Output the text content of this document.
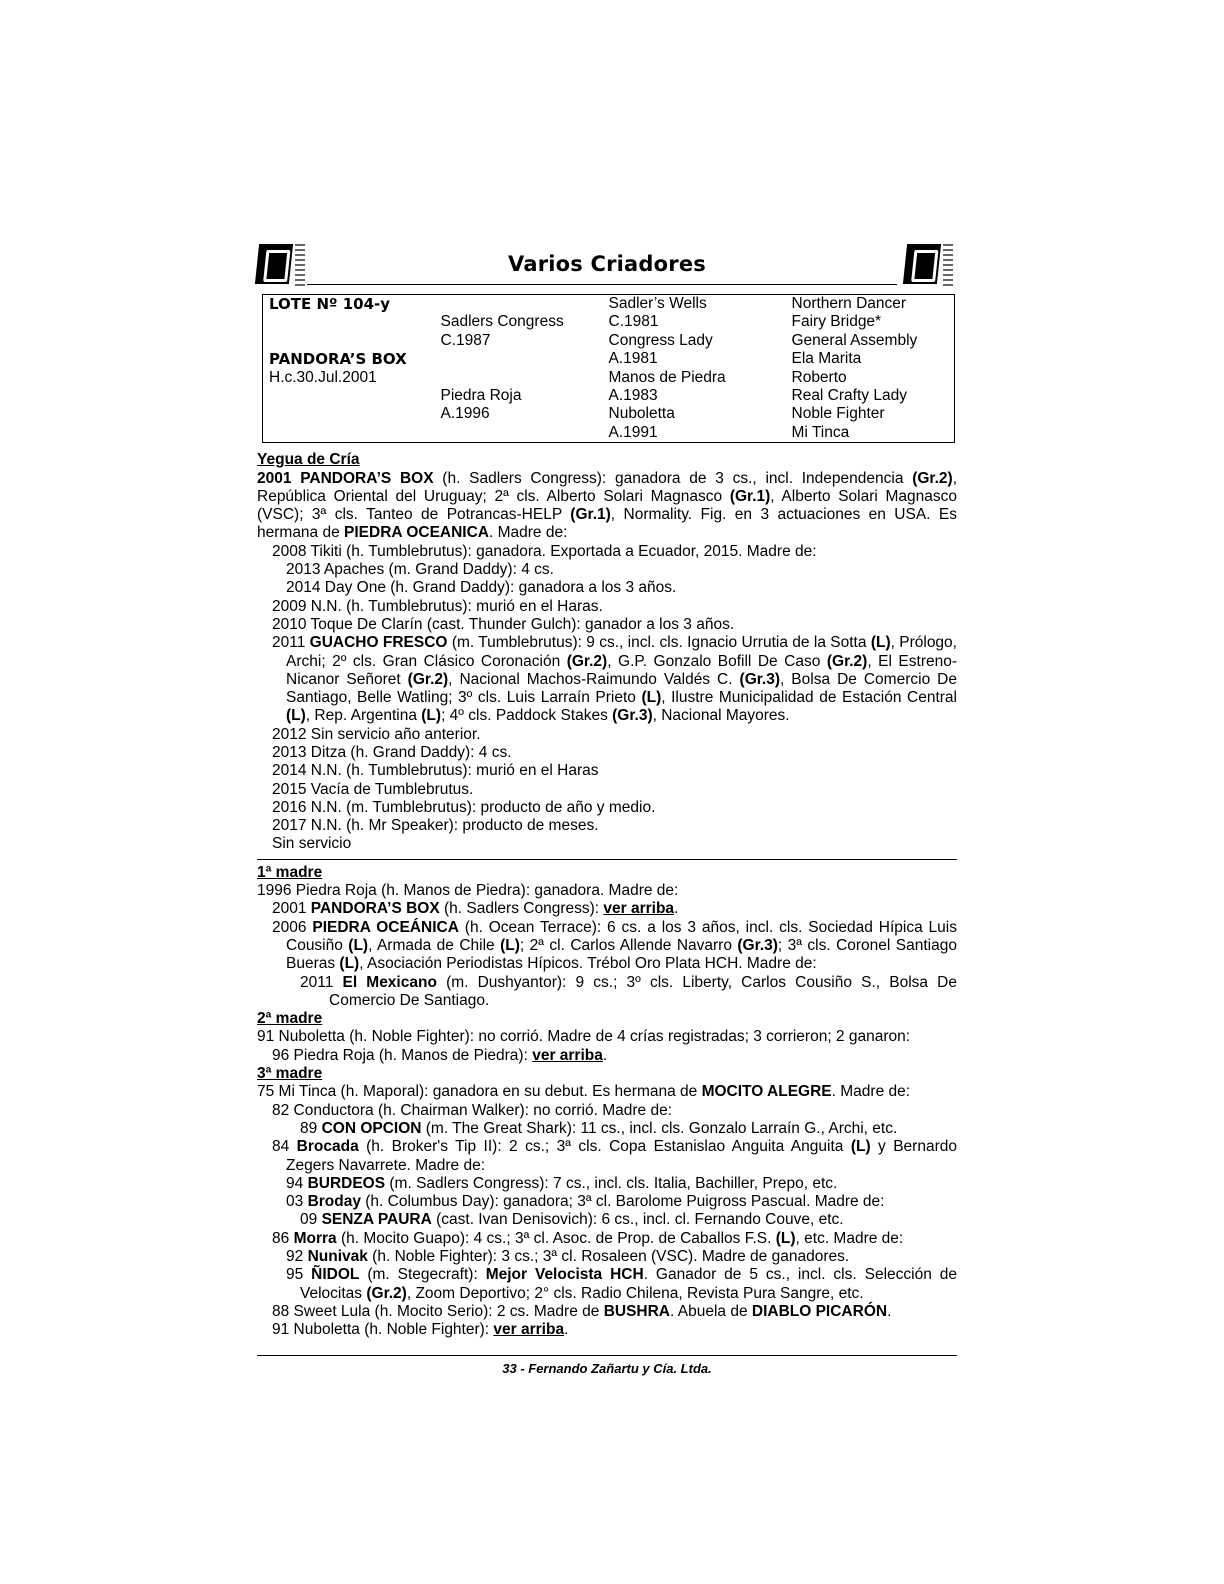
Varios Criadores
LOTE Nº 104-y		Sadler’s Wells	Northern Dancer
	Sadlers Congress	C.1981	Fairy Bridge*
	C.1987	Congress Lady	General Assembly
PANDORA’S BOX		A.1981	Ela Marita
H.c.30.Jul.2001		Manos de Piedra	Roberto
	Piedra Roja	A.1983	Real Crafty Lady
	A.1996	Nuboletta	Noble Fighter
		A.1991	Mi Tinca
Yegua de Cría

2001 PANDORA’S BOX (h. Sadlers Congress): ganadora de 3 cs., incl. Independencia (Gr.2), República Oriental del Uruguay; 2ª cls. Alberto Solari Magnasco (Gr.1), Alberto Solari Magnasco (VSC); 3ª cls. Tanteo de Potrancas-HELP (Gr.1), Normality. Fig. en 3 actuaciones en USA. Es hermana de PIEDRA OCEANICA. Madre de:

2008 Tikiti (h. Tumblebrutus): ganadora. Exportada a Ecuador, 2015. Madre de:

2013 Apaches (m. Grand Daddy): 4 cs.

2014 Day One (h. Grand Daddy): ganadora a los 3 años.

2009 N.N. (h. Tumblebrutus): murió en el Haras.

2010 Toque De Clarín (cast. Thunder Gulch): ganador a los 3 años.

2011 GUACHO FRESCO (m. Tumblebrutus): 9 cs., incl. cls. Ignacio Urrutia de la Sotta (L), Prólogo, Archi; 2º cls. Gran Clásico Coronación (Gr.2), G.P. Gonzalo Bofill De Caso (Gr.2), El Estreno-Nicanor Señoret (Gr.2), Nacional Machos-Raimundo Valdés C. (Gr.3), Bolsa De Comercio De Santiago, Belle Watling; 3º cls. Luis Larraín Prieto (L), Ilustre Municipalidad de Estación Central (L), Rep. Argentina (L); 4º cls. Paddock Stakes (Gr.3), Nacional Mayores.

2012 Sin servicio año anterior.

2013 Ditza (h. Grand Daddy): 4 cs.

2014 N.N. (h. Tumblebrutus): murió en el Haras

2015 Vacía de Tumblebrutus.

2016 N.N. (m. Tumblebrutus): producto de año y medio.

2017 N.N. (h. Mr Speaker): producto de meses.

Sin servicio

1ª madre

1996 Piedra Roja (h. Manos de Piedra): ganadora. Madre de:

2001 PANDORA’S BOX (h. Sadlers Congress): ver arriba.

2006 PIEDRA OCEÁNICA (h. Ocean Terrace): 6 cs. a los 3 años, incl. cls. Sociedad Hípica Luis Cousiño (L), Armada de Chile (L); 2ª cl. Carlos Allende Navarro (Gr.3); 3ª cls. Coronel Santiago Bueras (L), Asociación Periodistas Hípicos. Trébol Oro Plata HCH. Madre de:

2011 El Mexicano (m. Dushyantor): 9 cs.; 3º cls. Liberty, Carlos Cousiño S., Bolsa De Comercio De Santiago.

2ª madre

91 Nuboletta (h. Noble Fighter): no corrió. Madre de 4 crías registradas; 3 corrieron; 2 ganaron:

96 Piedra Roja (h. Manos de Piedra): ver arriba.

3ª madre

75 Mi Tinca (h. Maporal): ganadora en su debut. Es hermana de MOCITO ALEGRE. Madre de:

82 Conductora (h. Chairman Walker): no corrió. Madre de:

89 CON OPCION (m. The Great Shark): 11 cs., incl. cls. Gonzalo Larraín G., Archi, etc.

84 Brocada (h. Broker's Tip II): 2 cs.; 3ª cls. Copa Estanislao Anguita Anguita (L) y Bernardo Zegers Navarrete. Madre de:

94 BURDEOS (m. Sadlers Congress): 7 cs., incl. cls. Italia, Bachiller, Prepo, etc.

03 Broday (h. Columbus Day): ganadora; 3ª cl. Barolome Puigross Pascual. Madre de:

09 SENZA PAURA (cast. Ivan Denisovich): 6 cs., incl. cl. Fernando Couve, etc.

86 Morra (h. Mocito Guapo): 4 cs.; 3ª cl. Asoc. de Prop. de Caballos F.S. (L), etc. Madre de:

92 Nunivak (h. Noble Fighter): 3 cs.; 3ª cl. Rosaleen (VSC). Madre de ganadores.

95 ÑIDOL (m. Stegecraft): Mejor Velocista HCH. Ganador de 5 cs., incl. cls. Selección de Velocitas (Gr.2), Zoom Deportivo; 2° cls. Radio Chilena, Revista Pura Sangre, etc.

88 Sweet Lula (h. Mocito Serio): 2 cs. Madre de BUSHRA. Abuela de DIABLO PICARÓN.

91 Nuboletta (h. Noble Fighter): ver arriba.

33 - Fernando Zañartu y Cía. Ltda.
